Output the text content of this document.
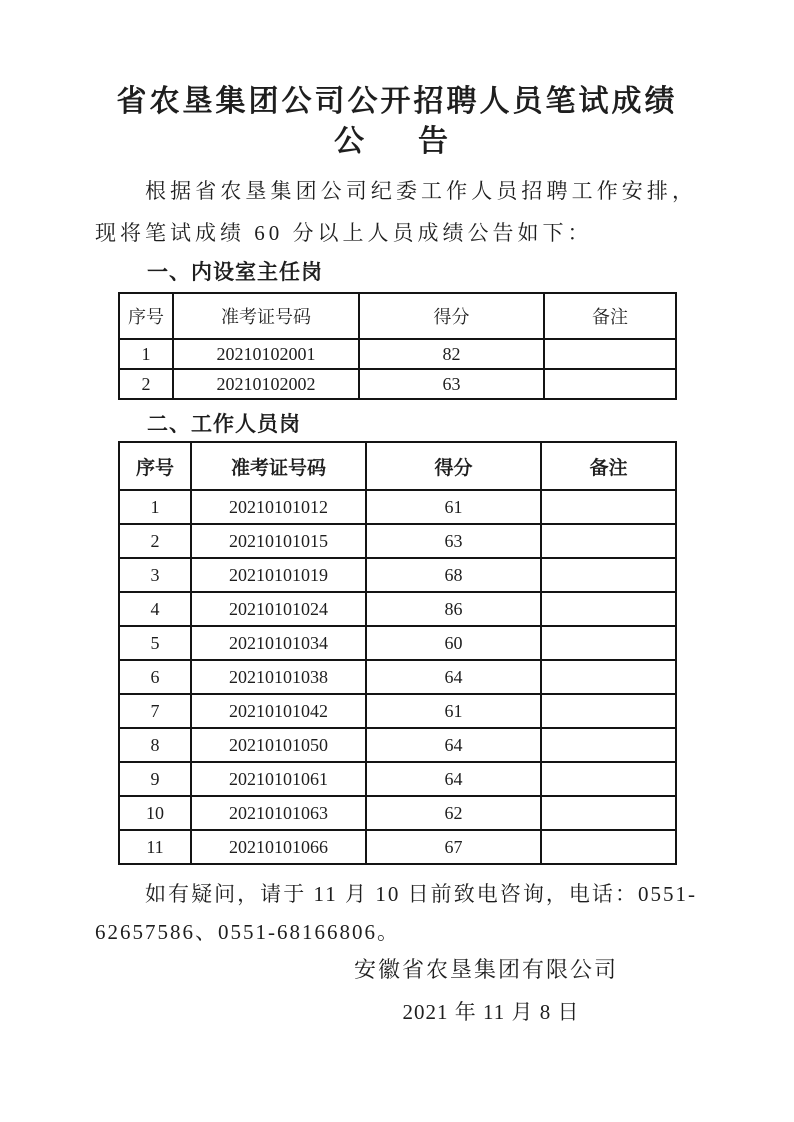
省农垦集团公司公开招聘人员笔试成绩
公　告

根据省农垦集团公司纪委工作人员招聘工作安排，现将笔试成绩 60 分以上人员成绩公告如下：

一、内设室主任岗
序号	准考证号码	得分	备注
1	20210102001	82	
2	20210102002	63	
二、工作人员岗
序号	准考证号码	得分	备注
1	20210101012	61	
2	20210101015	63	
3	20210101019	68	
4	20210101024	86	
5	20210101034	60	
6	20210101038	64	
7	20210101042	61	
8	20210101050	64	
9	20210101061	64	
10	20210101063	62	
11	20210101066	67	

如有疑问，请于 11 月 10 日前致电咨询，电话：0551-62657586、0551-68166806。

安徽省农垦集团有限公司
2021 年 11 月 8 日
